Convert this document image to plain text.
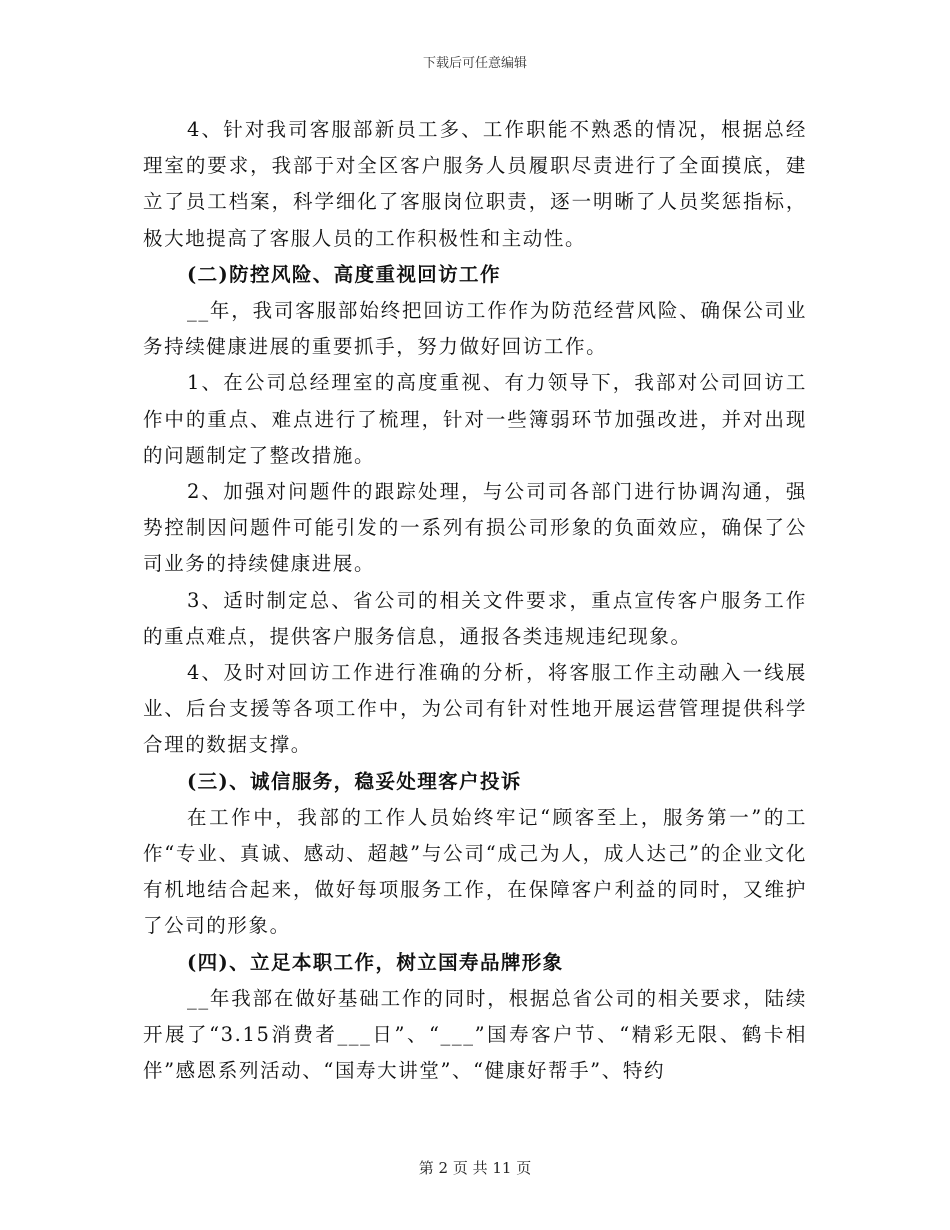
下载后可任意编辑

4、针对我司客服部新员工多、工作职能不熟悉的情况，根据总经理室的要求，我部于对全区客户服务人员履职尽责进行了全面摸底，建立了员工档案，科学细化了客服岗位职责，逐一明晰了人员奖惩指标，极大地提高了客服人员的工作积极性和主动性。

(二)防控风险、高度重视回访工作

__年，我司客服部始终把回访工作作为防范经营风险、确保公司业务持续健康进展的重要抓手，努力做好回访工作。

1、在公司总经理室的高度重视、有力领导下，我部对公司回访工作中的重点、难点进行了梳理，针对一些簿弱环节加强改进，并对出现的问题制定了整改措施。

2、加强对问题件的跟踪处理，与公司司各部门进行协调沟通，强势控制因问题件可能引发的一系列有损公司形象的负面效应，确保了公司业务的持续健康进展。

3、适时制定总、省公司的相关文件要求，重点宣传客户服务工作的重点难点，提供客户服务信息，通报各类违规违纪现象。

4、及时对回访工作进行准确的分析，将客服工作主动融入一线展业、后台支援等各项工作中，为公司有针对性地开展运营管理提供科学合理的数据支撑。

(三)、诚信服务，稳妥处理客户投诉

在工作中，我部的工作人员始终牢记“顾客至上，服务第一”的工作“专业、真诚、感动、超越”与公司“成己为人，成人达己”的企业文化有机地结合起来，做好每项服务工作，在保障客户利益的同时，又维护了公司的形象。

(四)、立足本职工作，树立国寿品牌形象

__年我部在做好基础工作的同时，根据总省公司的相关要求，陆续开展了“3.15消费者___日”、“___”国寿客户节、“精彩无限、鹤卡相伴”感恩系列活动、“国寿大讲堂”、“健康好帮手”、特约

第 2 页 共 11 页
